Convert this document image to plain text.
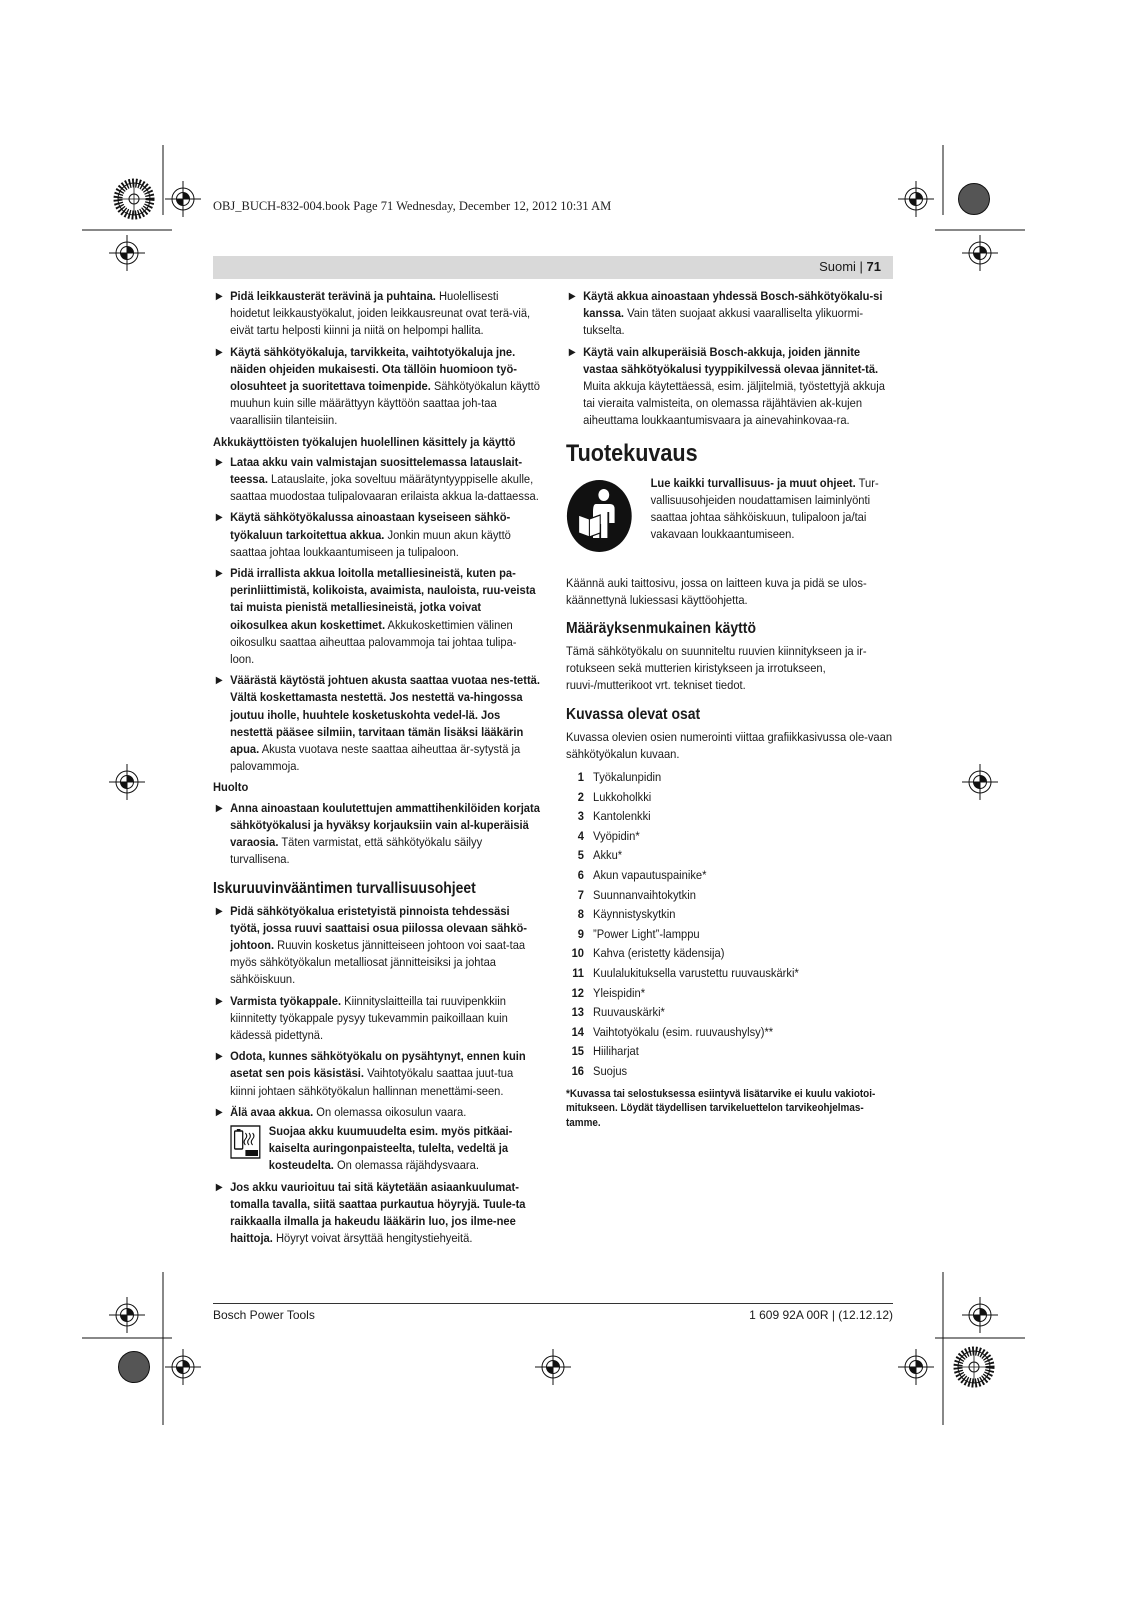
OBJ_BUCH-832-004.book Page 71 Wednesday, December 12, 2012 10:31 AM
Suomi | 71

▶ Pidä leikkausterät terävinä ja puhtaina. Huolellisesti hoidetut leikkaustyökalut, joiden leikkausreunat ovat terä-viä, eivät tartu helposti kiinni ja niitä on helpompi hallita.

▶ Käytä sähkötyökaluja, tarvikkeita, vaihtotyökaluja jne. näiden ohjeiden mukaisesti. Ota tällöin huomioon työ-olosuhteet ja suoritettava toimenpide. Sähkötyökalun käyttö muuhun kuin sille määrättyyn käyttöön saattaa joh-taa vaarallisiin tilanteisiin.

Akkukäyttöisten työkalujen huolellinen käsittely ja käyttö

▶ Lataa akku vain valmistajan suosittelemassa latauslait-teessa. Latauslaite, joka soveltuu määrätyntyyppiselle akulle, saattaa muodostaa tulipalovaaran erilaista akkua la-dattaessa.

▶ Käytä sähkötyökalussa ainoastaan kyseiseen sähkö-työkaluun tarkoitettua akkua. Jonkin muun akun käyttö saattaa johtaa loukkaantumiseen ja tulipaloon.

▶ Pidä irrallista akkua loitolla metalliesineistä, kuten pa-perinliittimistä, kolikoista, avaimista, nauloista, ruu-veista tai muista pienistä metalliesineistä, jotka voivat oikosulkea akun koskettimet. Akkukoskettimien välinen oikosulku saattaa aiheuttaa palovammoja tai johtaa tulipa-loon.

▶ Väärästä käytöstä johtuen akusta saattaa vuotaa nes-tettä. Vältä koskettamasta nestettä. Jos nestettä va-hingossa joutuu iholle, huuhtele kosketuskohta vedel-lä. Jos nestettä pääsee silmiin, tarvitaan tämän lisäksi lääkärin apua. Akusta vuotava neste saattaa aiheuttaa är-sytystä ja palovammoja.

Huolto

▶ Anna ainoastaan koulutettujen ammattihenkilöiden korjata sähkötyökalusi ja hyväksy korjauksiin vain al-kuperäisiä varaosia. Täten varmistat, että sähkötyökalu säilyy turvallisena.

Iskuruuvinvääntimen turvallisuusohjeet

▶ Pidä sähkötyökalua eristetyistä pinnoista tehdessäsi työtä, jossa ruuvi saattaisi osua piilossa olevaan sähkö-johtoon. Ruuvin kosketus jännitteiseen johtoon voi saat-taa myös sähkötyökalun metalliosat jännitteisiksi ja johtaa sähköiskuun.

▶ Varmista työkappale. Kiinnityslaitteilla tai ruuvipenkkiin kiinnitetty työkappale pysyy tukevammin paikoillaan kuin kädessä pidettynä.

▶ Odota, kunnes sähkötyökalu on pysähtynyt, ennen kuin asetat sen pois käsistäsi. Vaihtotyökalu saattaa juut-tua kiinni johtaen sähkötyökalun hallinnan menettämi-seen.

▶ Älä avaa akkua. On olemassa oikosulun vaara.

Suojaa akku kuumuudelta esim. myös pitkäai-kaiselta auringonpaisteelta, tulelta, vedeltä ja kosteudelta. On olemassa räjähdysvaara.

▶ Jos akku vaurioituu tai sitä käytetään asiaankuulumat-tomalla tavalla, siitä saattaa purkautua höyryjä. Tuule-ta raikkaalla ilmalla ja hakeudu lääkärin luo, jos ilme-nee haittoja. Höyryt voivat ärsyttää hengitystiehyeitä.

▶ Käytä akkua ainoastaan yhdessä Bosch-sähkötyökalu-si kanssa. Vain täten suojaat akkusi vaaralliselta ylikuormi-tukselta.

▶ Käytä vain alkuperäisiä Bosch-akkuja, joiden jännite vastaa sähkötyökalusi tyyppikilvessä olevaa jännitet-tä. Muita akkuja käytettäessä, esim. jäljitelmiä, työstettyjä akkuja tai vieraita valmisteita, on olemassa räjähtävien ak-kujen aiheuttama loukkaantumisvaara ja ainevahinkovaa-ra.

Tuotekuvaus

Lue kaikki turvallisuus- ja muut ohjeet. Tur-vallisuusohjeiden noudattamisen laiminlyönti saattaa johtaa sähköiskuun, tulipaloon ja/tai vakavaan loukkaantumiseen.

Käännä auki taittosivu, jossa on laitteen kuva ja pidä se ulos-käännettynä lukiessasi käyttöohjetta.

Määräyksenmukainen käyttö

Tämä sähkötyökalu on suunniteltu ruuvien kiinnitykseen ja ir-rotukseen sekä mutterien kiristykseen ja irrotukseen, ruuvi-/mutterikoot vrt. tekniset tiedot.

Kuvassa olevat osat

Kuvassa olevien osien numerointi viittaa grafiikkasivussa ole-vaan sähkötyökalun kuvaan.

1 Työkalunpidin
2 Lukkoholkki
3 Kantolenkki
4 Vyöpidin*
5 Akku*
6 Akun vapautuspainike*
7 Suunnanvaihtokytkin
8 Käynnistyskytkin
9 ”Power Light”-lamppu
10 Kahva (eristetty kädensija)
11 Kuulalukituksella varustettu ruuvauskärki*
12 Yleispidin*
13 Ruuvauskärki*
14 Vaihtotyökalu (esim. ruuvaushylsy)**
15 Hiiliharjat
16 Suojus

*Kuvassa tai selostuksessa esiintyvä lisätarvike ei kuulu vakiotoi-mitukseen. Löydät täydellisen tarvikeluettelon tarvikeohjelmas-tamme.

Bosch Power Tools	1 609 92A 00R | (12.12.12)
